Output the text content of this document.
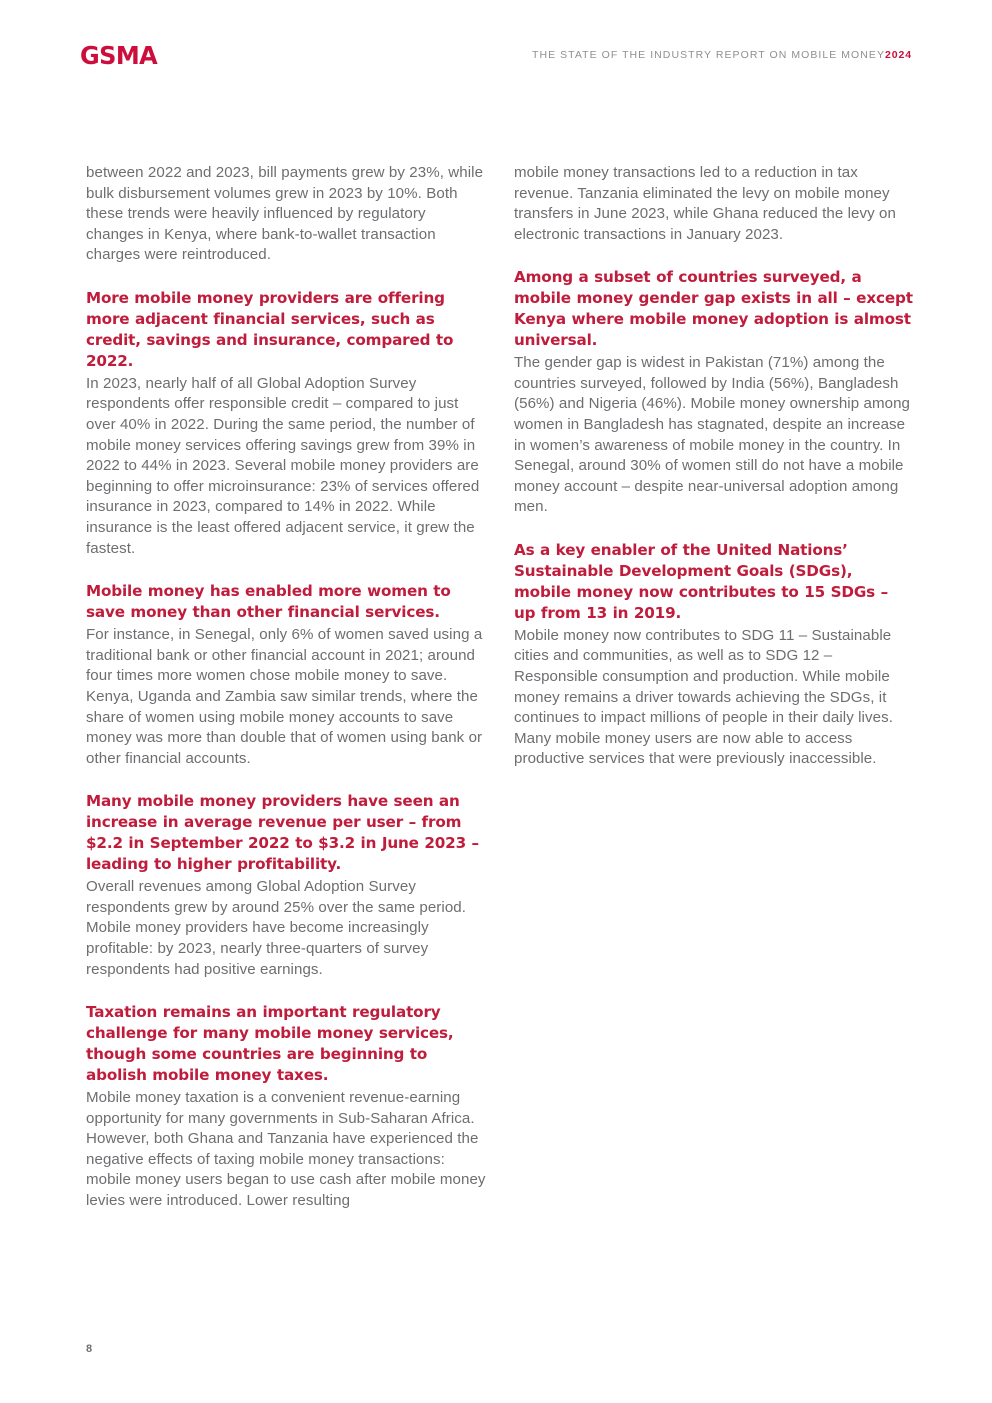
GSMA	THE STATE OF THE INDUSTRY REPORT ON MOBILE MONEY2024

between 2022 and 2023, bill payments grew by 23%, while bulk disbursement volumes grew in 2023 by 10%. Both these trends were heavily influenced by regulatory changes in Kenya, where bank-to-wallet transaction charges were reintroduced.

More mobile money providers are offering more adjacent financial services, such as credit, savings and insurance, compared to 2022.

In 2023, nearly half of all Global Adoption Survey respondents offer responsible credit – compared to just over 40% in 2022. During the same period, the number of mobile money services offering savings grew from 39% in 2022 to 44% in 2023. Several mobile money providers are beginning to offer microinsurance: 23% of services offered insurance in 2023, compared to 14% in 2022. While insurance is the least offered adjacent service, it grew the fastest.

Mobile money has enabled more women to save money than other financial services.

For instance, in Senegal, only 6% of women saved using a traditional bank or other financial account in 2021; around four times more women chose mobile money to save. Kenya, Uganda and Zambia saw similar trends, where the share of women using mobile money accounts to save money was more than double that of women using bank or other financial accounts.

Many mobile money providers have seen an increase in average revenue per user – from $2.2 in September 2022 to $3.2 in June 2023 – leading to higher profitability.

Overall revenues among Global Adoption Survey respondents grew by around 25% over the same period. Mobile money providers have become increasingly profitable: by 2023, nearly three-quarters of survey respondents had positive earnings.

Taxation remains an important regulatory challenge for many mobile money services, though some countries are beginning to abolish mobile money taxes.

Mobile money taxation is a convenient revenue-earning opportunity for many governments in Sub-Saharan Africa. However, both Ghana and Tanzania have experienced the negative effects of taxing mobile money transactions: mobile money users began to use cash after mobile money levies were introduced. Lower resulting

mobile money transactions led to a reduction in tax revenue. Tanzania eliminated the levy on mobile money transfers in June 2023, while Ghana reduced the levy on electronic transactions in January 2023.

Among a subset of countries surveyed, a mobile money gender gap exists in all – except Kenya where mobile money adoption is almost universal.

The gender gap is widest in Pakistan (71%) among the countries surveyed, followed by India (56%), Bangladesh (56%) and Nigeria (46%). Mobile money ownership among women in Bangladesh has stagnated, despite an increase in women’s awareness of mobile money in the country. In Senegal, around 30% of women still do not have a mobile money account – despite near-universal adoption among men.

As a key enabler of the United Nations’ Sustainable Development Goals (SDGs), mobile money now contributes to 15 SDGs – up from 13 in 2019.

Mobile money now contributes to SDG 11 – Sustainable cities and communities, as well as to SDG 12 – Responsible consumption and production. While mobile money remains a driver towards achieving the SDGs, it continues to impact millions of people in their daily lives. Many mobile money users are now able to access productive services that were previously inaccessible.

8
